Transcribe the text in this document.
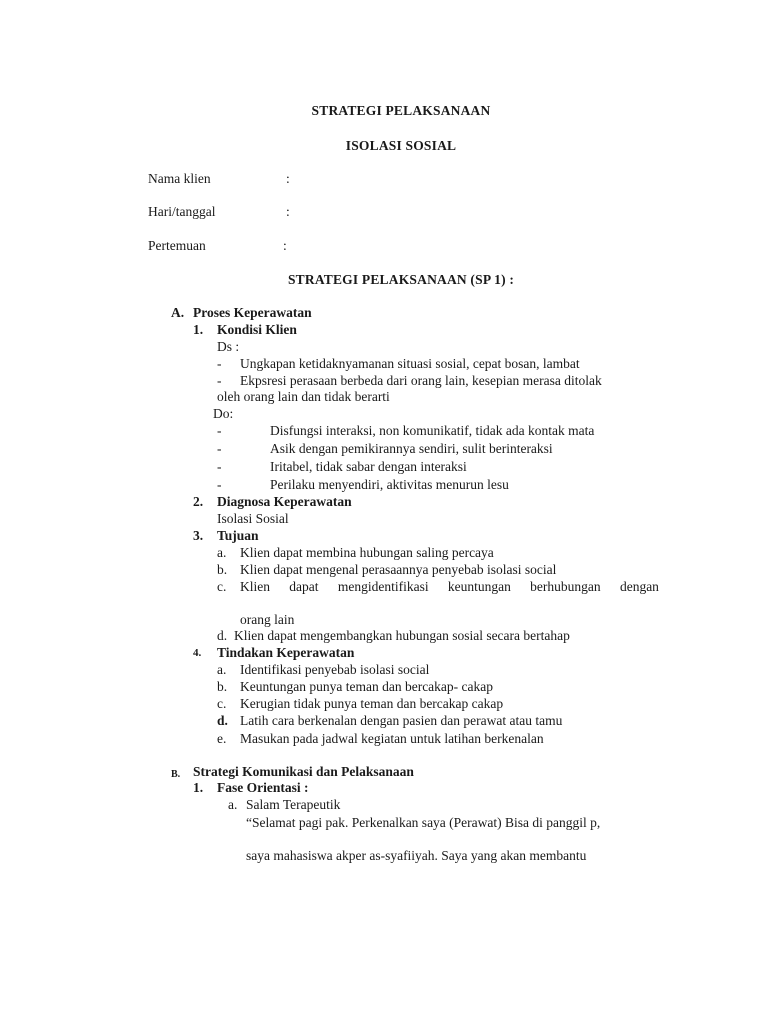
STRATEGI PELAKSANAAN
ISOLASI SOSIAL
Nama klien	:
Hari/tanggal	:
Pertemuan	:
STRATEGI PELAKSANAAN (SP 1) :
A. Proses Keperawatan
1. Kondisi Klien
Ds :
- Ungkapan ketidaknyamanan situasi sosial, cepat bosan, lambat
- Ekpsresi perasaan berbeda dari orang lain, kesepian merasa ditolak
oleh orang lain dan tidak berarti
Do:
-	Disfungsi interaksi, non komunikatif, tidak ada kontak mata
-	Asik dengan pemikirannya sendiri, sulit berinteraksi
-	Iritabel, tidak sabar dengan interaksi
-	Perilaku menyendiri, aktivitas menurun lesu
2. Diagnosa Keperawatan
Isolasi Sosial
3. Tujuan
a. Klien dapat membina hubungan saling percaya
b. Klien dapat mengenal perasaannya penyebab isolasi social
c. Klien dapat mengidentifikasi keuntungan berhubungan dengan
orang lain
d. Klien dapat mengembangkan hubungan sosial secara bertahap
4. Tindakan Keperawatan
a. Identifikasi penyebab isolasi social
b. Keuntungan punya teman dan bercakap- cakap
c. Kerugian tidak punya teman dan bercakap cakap
d. Latih cara berkenalan dengan pasien dan perawat atau tamu
e. Masukan pada jadwal kegiatan untuk latihan berkenalan
B. Strategi Komunikasi dan Pelaksanaan
1. Fase Orientasi :
a. Salam Terapeutik
“Selamat pagi pak. Perkenalkan saya (Perawat) Bisa di panggil p,
saya mahasiswa akper as-syafiiyah. Saya yang akan membantu
